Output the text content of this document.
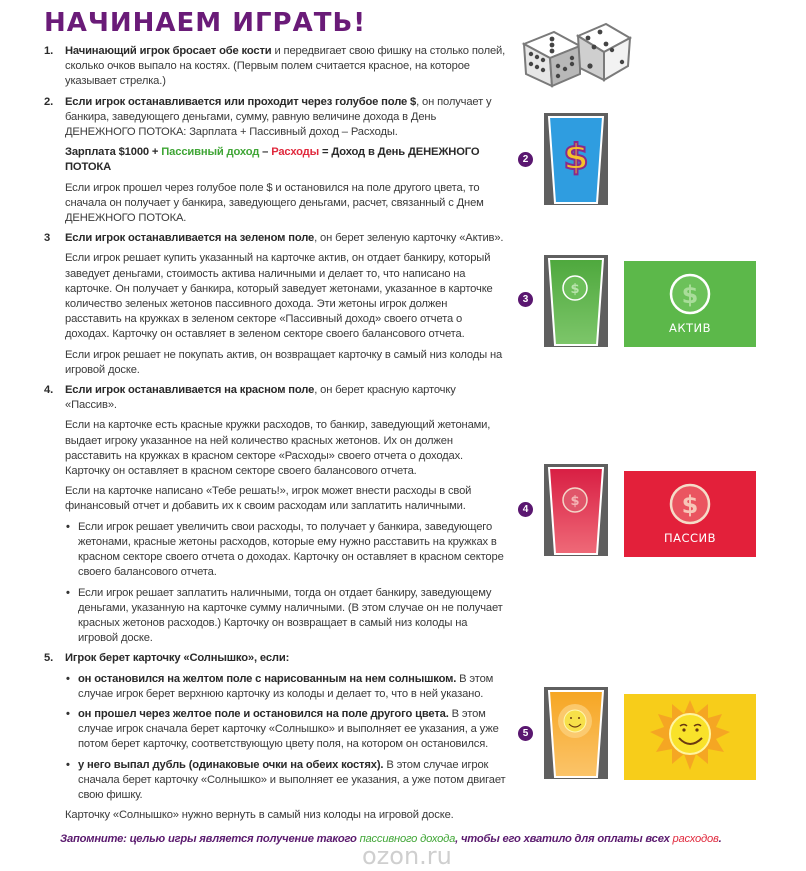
НАЧИНАЕМ ИГРАТЬ!
1. Начинающий игрок бросает обе кости и передвигает свою фишку на столько полей, сколько очков выпало на костях. (Первым полем считается красное, на которое указывает стрелка.)
2. Если игрок останавливается или проходит через голубое поле $, он получает у банкира, заведующего деньгами, сумму, равную величине дохода в День ДЕНЕЖНОГО ПОТОКА: Зарплата + Пассивный доход – Расходы.
Зарплата $1000 + Пассивный доход – Расходы = Доход в День ДЕНЕЖНОГО ПОТОКА
Если игрок прошел через голубое поле $ и остановился на поле другого цвета, то сначала он получает у банкира, заведующего деньгами, расчет, связанный с Днем ДЕНЕЖНОГО ПОТОКА.
3 Если игрок останавливается на зеленом поле, он берет зеленую карточку «Актив».
Если игрок решает купить указанный на карточке актив, он отдает банкиру, который заведует деньгами, стоимость актива наличными и делает то, что написано на карточке. Он получает у банкира, который заведует жетонами, указанное в карточке количество зеленых жетонов пассивного дохода. Эти жетоны игрок должен расставить на кружках в зеленом секторе «Пассивный доход» своего отчета о доходах. Карточку он оставляет в зеленом секторе своего балансового отчета.
Если игрок решает не покупать актив, он возвращает карточку в самый низ колоды на игровой доске.
4. Если игрок останавливается на красном поле, он берет красную карточку «Пассив».
Если на карточке есть красные кружки расходов, то банкир, заведующий жетонами, выдает игроку указанное на ней количество красных жетонов. Их он должен расставить на кружках в красном секторе «Расходы» своего отчета о доходах. Карточку он оставляет в красном секторе своего балансового отчета.
Если на карточке написано «Тебе решать!», игрок может внести расходы в свой финансовый отчет и добавить их к своим расходам или заплатить наличными.
• Если игрок решает увеличить свои расходы, то получает у банкира, заведующего жетонами, красные жетоны расходов, которые ему нужно расставить на кружках в красном секторе своего отчета о доходах. Карточку он оставляет в красном секторе своего балансового отчета.
• Если игрок решает заплатить наличными, тогда он отдает банкиру, заведующему деньгами, указанную на карточке сумму наличными. (В этом случае он не получает красных жетонов расходов.) Карточку он возвращает в самый низ колоды на игровой доске.
5. Игрок берет карточку «Солнышко», если:
• он остановился на желтом поле с нарисованным на нем солнышком. В этом случае игрок берет верхнюю карточку из колоды и делает то, что в ней указано.
• он прошел через желтое поле и остановился на поле другого цвета. В этом случае игрок сначала берет карточку «Солнышко» и выполняет ее указания, а уже потом берет карточку, соответствующую цвету поля, на котором он остановился.
• у него выпал дубль (одинаковые очки на обеих костях). В этом случае игрок сначала берет карточку «Солнышко» и выполняет ее указания, а уже потом двигает свою фишку.
Карточку «Солнышко» нужно вернуть в самый низ колоды на игровой доске.
2 $
3
$	$
АКТИВ
4
$	$
ПАССИВ
5
Запомните: целью игры является получение такого пассивного дохода, чтобы его хватило для оплаты всех расходов.
ozon.ru
